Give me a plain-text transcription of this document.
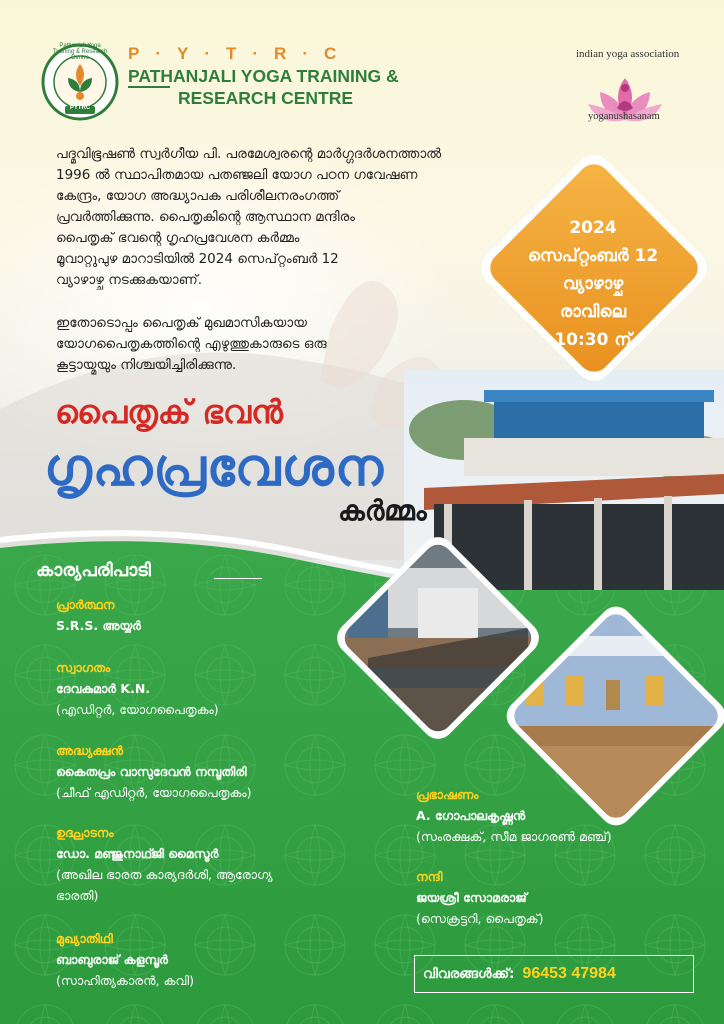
Pathanjali Yoga Training & Research Centre
PYTRC
P·Y·T·R·C
PATHANJALI YOGA TRAINING &
RESEARCH CENTRE
indian yoga association
yoganushasanam
പദ്മവിഭൂഷൺ സ്വർഗീയ പി. പരമേശ്വരന്റെ മാർഗ്ഗദർശനത്താൽ
1996 ൽ സ്ഥാപിതമായ പതഞ്ജലി യോഗ പഠന ഗവേഷണ
കേന്ദ്രം, യോഗ അദ്ധ്യാപക പരിശീലനരംഗത്ത്
പ്രവർത്തിക്കുന്നു. പൈതൃകിന്റെ ആസ്ഥാന മന്ദിരം
പൈതൃക് ഭവന്റെ ഗൃഹപ്രവേശന കർമ്മം
മൂവാറ്റുപുഴ മാറാടിയിൽ 2024 സെപ്റ്റംബർ 12
വ്യാഴാഴ്ച നടക്കുകയാണ്.
ഇതോടൊപ്പം പൈതൃക് മുഖമാസികയായ
യോഗപൈതൃകത്തിന്റെ എഴുത്തുകാരുടെ ഒരു
കൂട്ടായ്മയും നിശ്ചയിച്ചിരിക്കുന്നു.
2024
സെപ്റ്റംബർ 12
വ്യാഴാഴ്ച
രാവിലെ
10:30 ന്
പൈതൃക് ഭവൻ
ഗൃഹപ്രവേശന
കർമ്മം
കാര്യപരിപാടി
പ്രാർത്ഥന
S.R.S. അയ്യർ
സ്വാഗതം
ദേവകുമാർ K.N.
(എഡിറ്റർ, യോഗപൈതൃകം)
അദ്ധ്യക്ഷൻ
കൈതപ്രം വാസുദേവൻ നമ്പൂതിരി
(ചീഫ് എഡിറ്റർ, യോഗപൈതൃകം)
ഉദ്ഘാടനം
ഡോ. മഞ്ജുനാഥ്ജി മൈസൂർ
(അഖില ഭാരത കാര്യദർശി, ആരോഗ്യ
ഭാരതി)
മുഖ്യാതിഥി
ബാബുരാജ് കളമ്പൂർ
(സാഹിത്യകാരൻ, കവി)
പ്രഭാഷണം
A. ഗോപാലകൃഷ്ണൻ
(സംരക്ഷക്, സീമ ജാഗരൺ മഞ്ച്)
നന്ദി
ജയശ്രീ സോമരാജ്
(സെക്രട്ടറി, പൈതൃക്)
വിവരങ്ങൾക്ക്: 96453 47984
